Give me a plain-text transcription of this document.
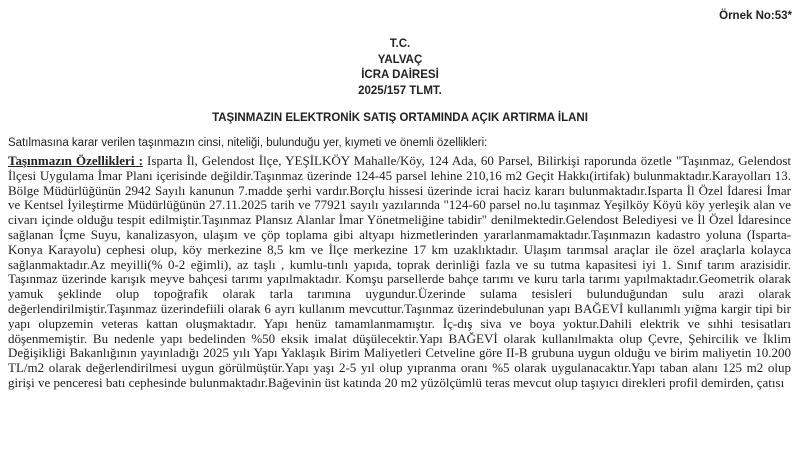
Örnek No:53*
T.C.
YALVAÇ
İCRA DAİRESİ
2025/157 TLMT.
TAŞINMAZIN ELEKTRONİK SATIŞ ORTAMINDA AÇIK ARTIRMA İLANI
Satılmasına karar verilen taşınmazın cinsi, niteliği, bulunduğu yer, kıymeti ve önemli özellikleri:
Taşınmazın Özellikleri : Isparta İl, Gelendost İlçe, YEŞİLKÖY Mahalle/Köy, 124 Ada, 60 Parsel, Bilirkişi raporunda özetle "Taşınmaz, Gelendost İlçesi Uygulama İmar Planı içerisinde değildir.Taşınmaz üzerinde 124-45 parsel lehine 210,16 m2 Geçit Hakkı(irtifak) bulunmaktadır.Karayolları 13. Bölge Müdürlüğünün 2942 Sayılı kanunun 7.madde şerhi vardır.Borçlu hissesi üzerinde icrai haciz kararı bulunmaktadır.Isparta İl Özel İdaresi İmar ve Kentsel İyileştirme Müdürlüğünün 27.11.2025 tarih ve 77921 sayılı yazılarında "124-60 parsel no.lu taşınmaz Yeşilköy Köyü köy yerleşik alan ve civarı içinde olduğu tespit edilmiştir.Taşınmaz Plansız Alanlar İmar Yönetmeliğine tabidir" denilmektedir.Gelendost Belediyesi ve İl Özel İdaresince sağlanan İçme Suyu, kanalizasyon, ulaşım ve çöp toplama gibi altyapı hizmetlerinden yararlanmamaktadır.Taşınmazın kadastro yoluna (Isparta-Konya Karayolu) cephesi olup, köy merkezine 8,5 km ve İlçe merkezine 17 km uzaklıktadır. Ulaşım tarımsal araçlar ile özel araçlarla kolayca sağlanmaktadır.Az meyilli(% 0-2 eğimli), az taşlı , kumlu-tınlı yapıda, toprak derinliği fazla ve su tutma kapasitesi iyi 1. Sınıf tarım arazisidir. Taşınmaz üzerinde karışık meyve bahçesi tarımı yapılmaktadır. Komşu parsellerde bahçe tarımı ve kuru tarla tarımı yapılmaktadır.Geometrik olarak yamuk şeklinde olup topoğrafik olarak tarla tarımına uygundur.Üzerinde sulama tesisleri bulunduğundan sulu arazi olarak değerlendirilmiştir.Taşınmaz üzerindefiili olarak 6 ayrı kullanım mevcuttur.Taşınmaz üzerindebulunan yapı BAĞEVİ kullanımlı yığma kargir tipi bir yapı olupzemin veteras kattan oluşmaktadır. Yapı henüz tamamlanmamıştır. İç-dış siva ve boya yoktur.Dahili elektrik ve sıhhi tesisatları döşenmemiştir. Bu nedenle yapı bedelinden %50 eksik imalat düşülecektir.Yapı BAĞEVİ olarak kullanılmakta olup Çevre, Şehircilik ve İklim Değişikliği Bakanlığının yayınladığı 2025 yılı Yapı Yaklaşık Birim Maliyetleri Cetveline göre II-B grubuna uygun olduğu ve birim maliyetin 10.200 TL/m2 olarak değerlendirilmesi uygun görülmüştür.Yapı yaşı 2-5 yıl olup yıpranma oranı %5 olarak uygulanacaktır.Yapı taban alanı 125 m2 olup girişi ve penceresi batı cephesinde bulunmaktadır.Bağevinin üst katında 20 m2 yüzölçümlü teras mevcut olup taşıyıcı direkleri profil demirden, çatısı
